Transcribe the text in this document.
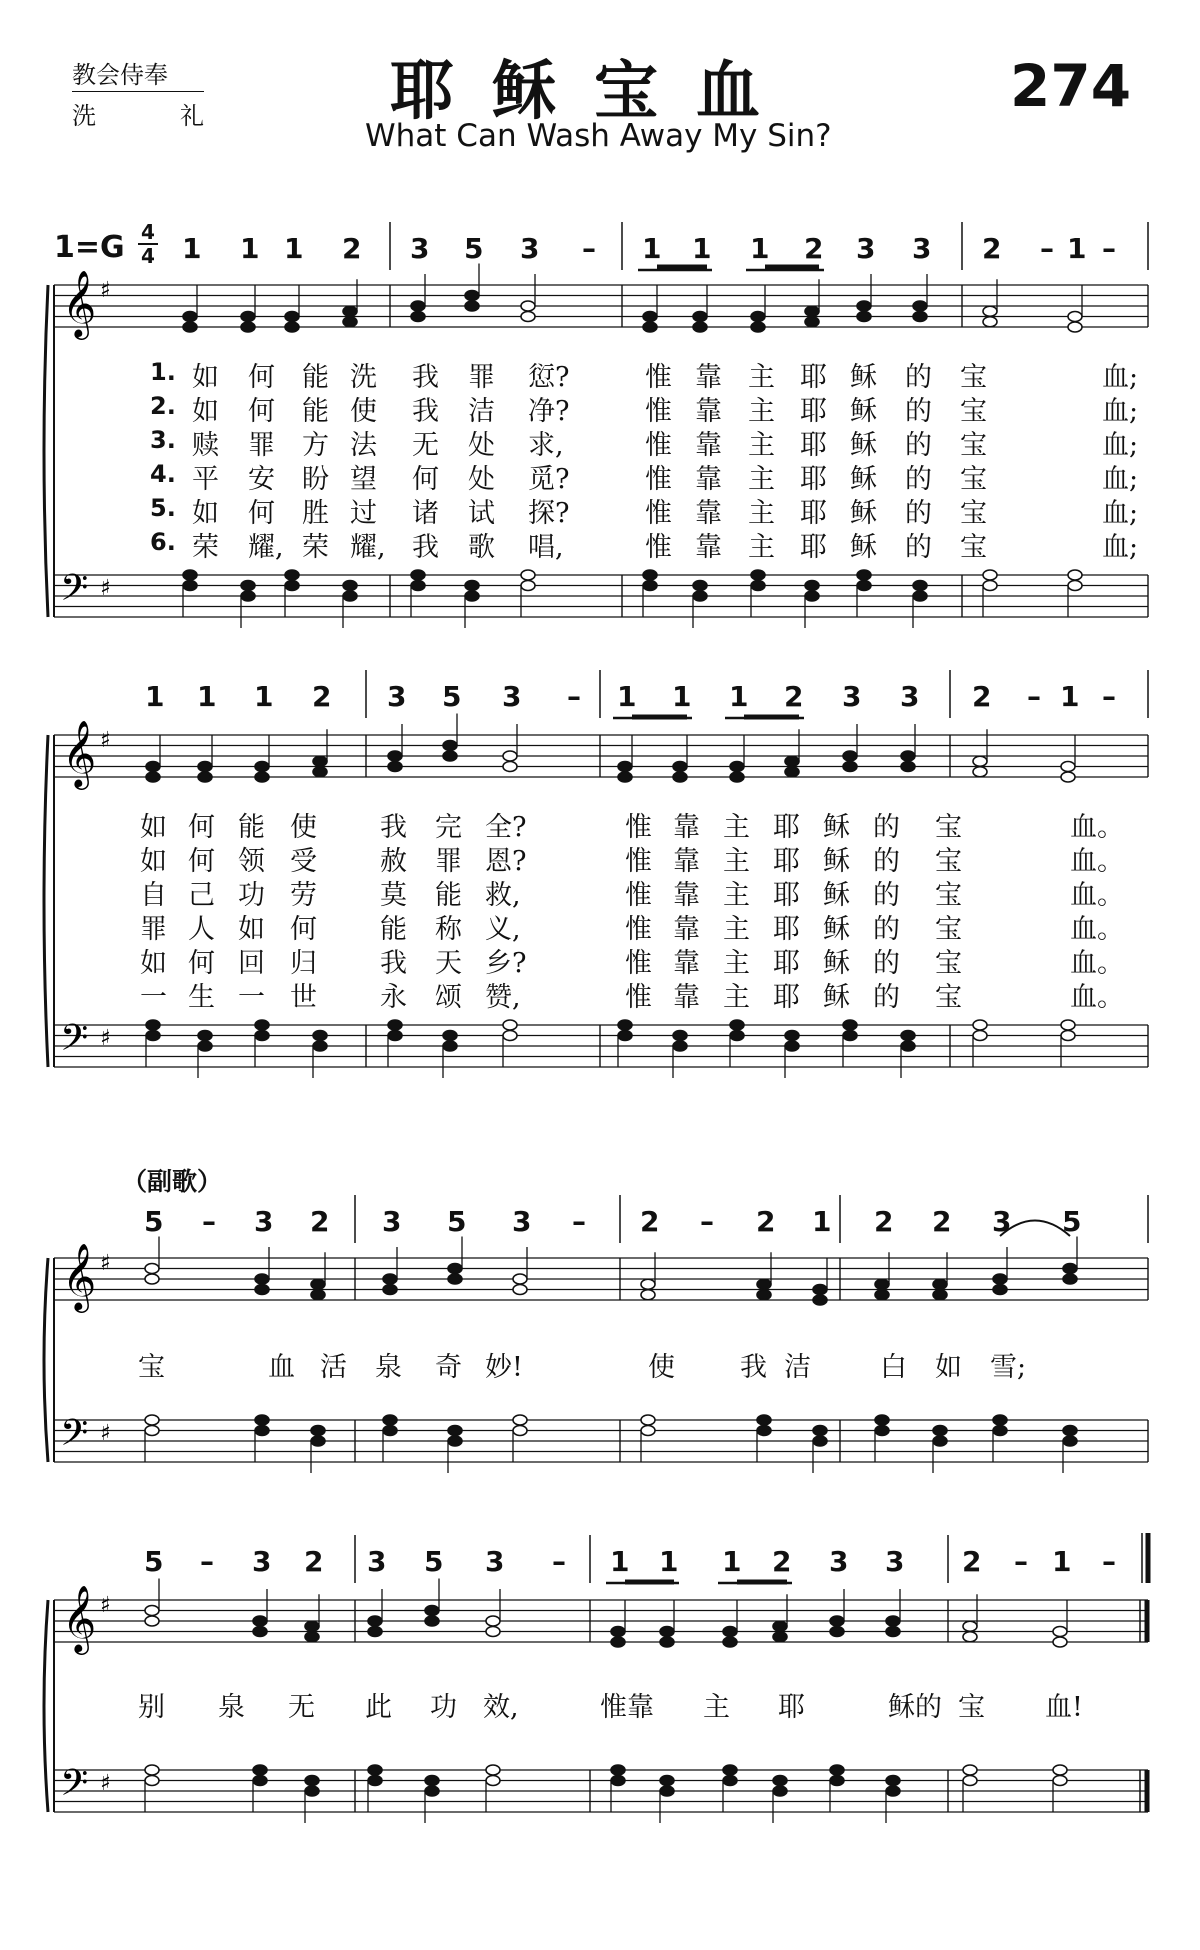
教会侍奉
洗	礼	耶稣宝血
What Can Wash Away My Sin?
274
1=G 4
4
（副歌）
1 1 1 2 3 5 3 – 1 1 1 2 3 3 2 – 1 –
1. 如 何 能 洗 我 罪 愆?	惟 靠 主 耶 稣 的 宝	血;
2. 如 何 能 使 我 洁 净?	惟 靠 主 耶 稣 的 宝	血;
3. 赎 罪 方 法 无 处 求,	惟 靠 主 耶 稣 的 宝	血;
4. 平 安 盼 望 何 处 觅?	惟 靠 主 耶 稣 的 宝	血;
5. 如 何 胜 过 诸 试 探?	惟 靠 主 耶 稣 的 宝	血;
6. 荣 耀, 荣 耀, 我 歌 唱,	惟 靠 主 耶 稣 的 宝	血;
1 1 1 2 3 5 3 – 1 1 1 2 3 3 2 – 1 –
如 何 能 使 我 完 全?	惟 靠 主 耶 稣 的 宝	血。
如 何 领 受 赦 罪 恩?	惟 靠 主 耶 稣 的 宝	血。
自 己 功 劳 莫 能 救,	惟 靠 主 耶 稣 的 宝	血。
罪 人 如 何 能 称 义,	惟 靠 主 耶 稣 的 宝	血。
如 何 回 归 我 天 乡?	惟 靠 主 耶 稣 的 宝	血。
一 生 一 世 永 颂 赞,	惟 靠 主 耶 稣 的 宝	血。
5 – 3 2 3 5 3 – 2 – 2 1 2 2 3 5
宝	血 活 泉 奇 妙!	使 我 洁	白 如 雪;
5 – 3 2 3 5 3 – 1 1 1 2 3 3 2 – 1 –
别 泉 无 此 功 效,	惟靠 主 耶	稣的 宝 血!
𝄞
𝄢
♯
♯
𝄞
𝄢
♯
♯
𝄞
𝄢
♯
♯
𝄞
𝄢
♯
♯
